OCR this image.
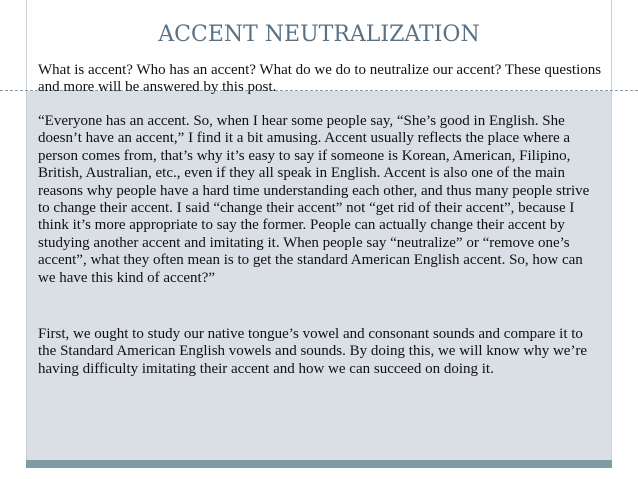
ACCENT NEUTRALIZATION

What is accent? Who has an accent? What do we do to neutralize our accent? These questions and more will be answered by this post.

“Everyone has an accent. So, when I hear some people say, “She’s good in English. She doesn’t have an accent,” I find it a bit amusing. Accent usually reflects the place where a person comes from, that’s why it’s easy to say if someone is Korean, American, Filipino, British, Australian, etc., even if they all speak in English. Accent is also one of the main reasons why people have a hard time understanding each other, and thus many people strive to change their accent. I said “change their accent” not “get rid of their accent”, because I think it’s more appropriate to say the former. People can actually change their accent by studying another accent and imitating it. When people say “neutralize” or “remove one’s accent”, what they often mean is to get the standard American English accent. So, how can we have this kind of accent?”

First, we ought to study our native tongue’s vowel and consonant sounds and compare it to the Standard American English vowels and sounds. By doing this, we will know why we’re having difficulty imitating their accent and how we can succeed on doing it.
